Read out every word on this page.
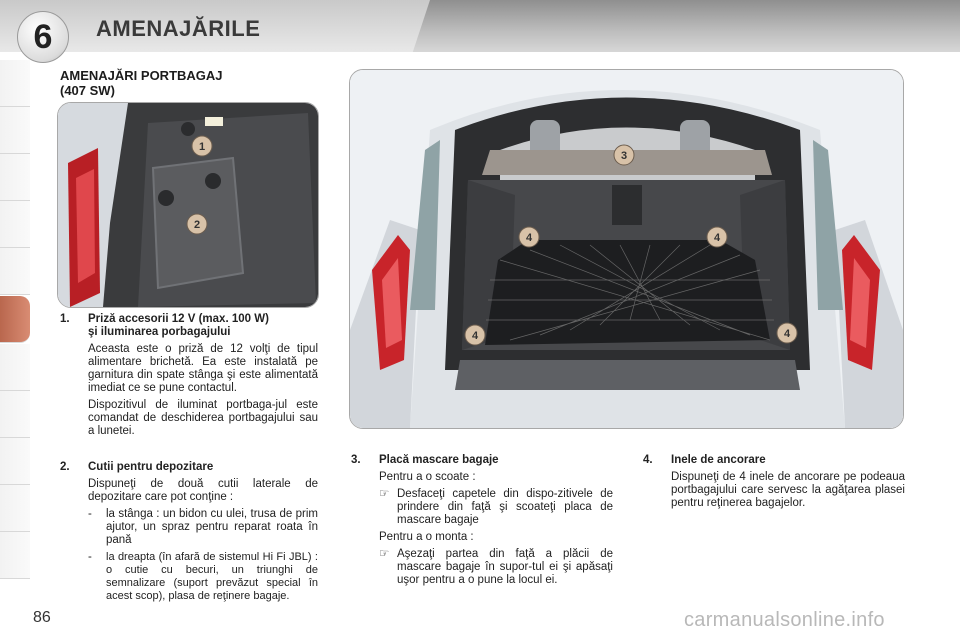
6	AMENAJĂRILE
AMENAJĂRI PORTBAGAJ
(407 SW)
1
2
3
4	4
4	4
1.	Priză accesorii 12 V (max. 100 W)
şi iluminarea porbagajului
Aceasta este o priză de 12 volţi de tipul alimentare brichetă. Ea este instalată pe garnitura din spate stânga şi este alimentată imediat ce se pune contactul.
Dispozitivul de iluminat portbaga-jul este comandat de deschiderea portbagajului sau a lunetei.
2.	Cutii pentru depozitare
Dispuneţi de două cutii laterale de depozitare care pot conţine :
-	la stânga : un bidon cu ulei, trusa de prim ajutor, un spraz pentru reparat roata în pană
-	la dreapta (în afară de sistemul Hi Fi JBL) : o cutie cu becuri, un triunghi de semnalizare (suport prevăzut special în acest scop), plasa de reţinere bagaje.
3.	Placă mascare bagaje
Pentru a o scoate :
☞ Desfaceţi capetele din dispo-zitivele de prindere din faţă şi scoateţi placa de mascare bagaje
Pentru a o monta :
☞ Aşezaţi partea din faţă a plăcii de mascare bagaje în supor-tul ei şi apăsaţi uşor pentru a o pune la locul ei.
4.	Inele de ancorare
Dispuneţi de 4 inele de ancorare pe podeaua portbagajului care servesc la agăţarea plasei pentru reţinerea bagajelor.
86	carmanualsonline.info
